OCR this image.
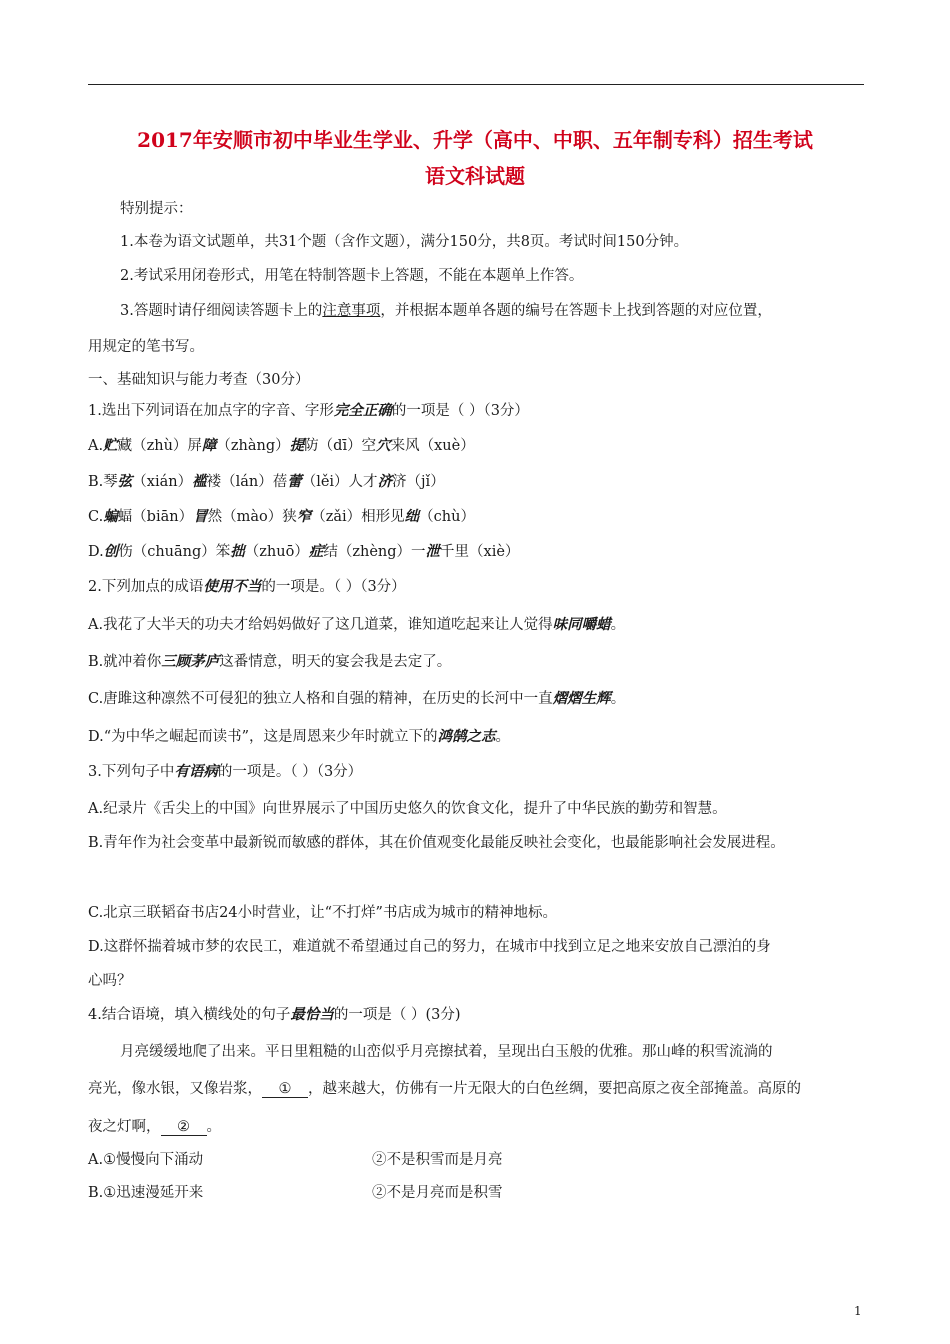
2017年安顺市初中毕业生学业、升学（高中、中职、五年制专科）招生考试
语文科试题
特别提示：
1.本卷为语文试题单，共31个题（含作文题），满分150分，共8页。考试时间150分钟。
2.考试采用闭卷形式，用笔在特制答题卡上答题，不能在本题单上作答。
3.答题时请仔细阅读答题卡上的注意事项，并根据本题单各题的编号在答题卡上找到答题的对应位置，
用规定的笔书写。
一、基础知识与能力考查（30分）
1.选出下列词语在加点字的字音、字形完全正确的一项是（ ）（3分）
A.贮藏（zhù）屏障（zhàng）提防（dī）空穴来风（xuè）
B.琴弦（xián）褴褛（lán）蓓蕾（lěi）人才济济（jǐ）
C.蝙蝠（biān）冒然（mào）狭窄（zǎi）相形见绌（chù）
D.创伤（chuāng）笨拙（zhuō）症结（zhèng）一泄千里（xiè）
2.下列加点的成语使用不当的一项是。（ ）（3分）
A.我花了大半天的功夫才给妈妈做好了这几道菜，谁知道吃起来让人觉得味同嚼蜡。
B.就冲着你三顾茅庐这番情意，明天的宴会我是去定了。
C.唐雎这种凛然不可侵犯的独立人格和自强的精神，在历史的长河中一直熠熠生辉。
D.“为中华之崛起而读书”，这是周恩来少年时就立下的鸿鹄之志。
3.下列句子中有语病的一项是。（ ）（3分）
A.纪录片《舌尖上的中国》向世界展示了中国历史悠久的饮食文化，提升了中华民族的勤劳和智慧。
B.青年作为社会变革中最新锐而敏感的群体，其在价值观变化最能反映社会变化，也最能影响社会发展进程。
C.北京三联韬奋书店24小时营业，让“不打烊”书店成为城市的精神地标。
D.这群怀揣着城市梦的农民工，难道就不希望通过自己的努力，在城市中找到立足之地来安放自己漂泊的身
心吗？
4.结合语境，填入横线处的句子最恰当的一项是（ ）(3分)
月亮缓缓地爬了出来。平日里粗糙的山峦似乎月亮擦拭着，呈现出白玉般的优雅。那山峰的积雪流淌的
亮光，像水银，又像岩浆， ① ，越来越大，仿佛有一片无限大的白色丝绸，要把高原之夜全部掩盖。高原的
夜之灯啊， ② 。
A.①慢慢向下涌动	②不是积雪而是月亮
B.①迅速漫延开来	②不是月亮而是积雪
1
